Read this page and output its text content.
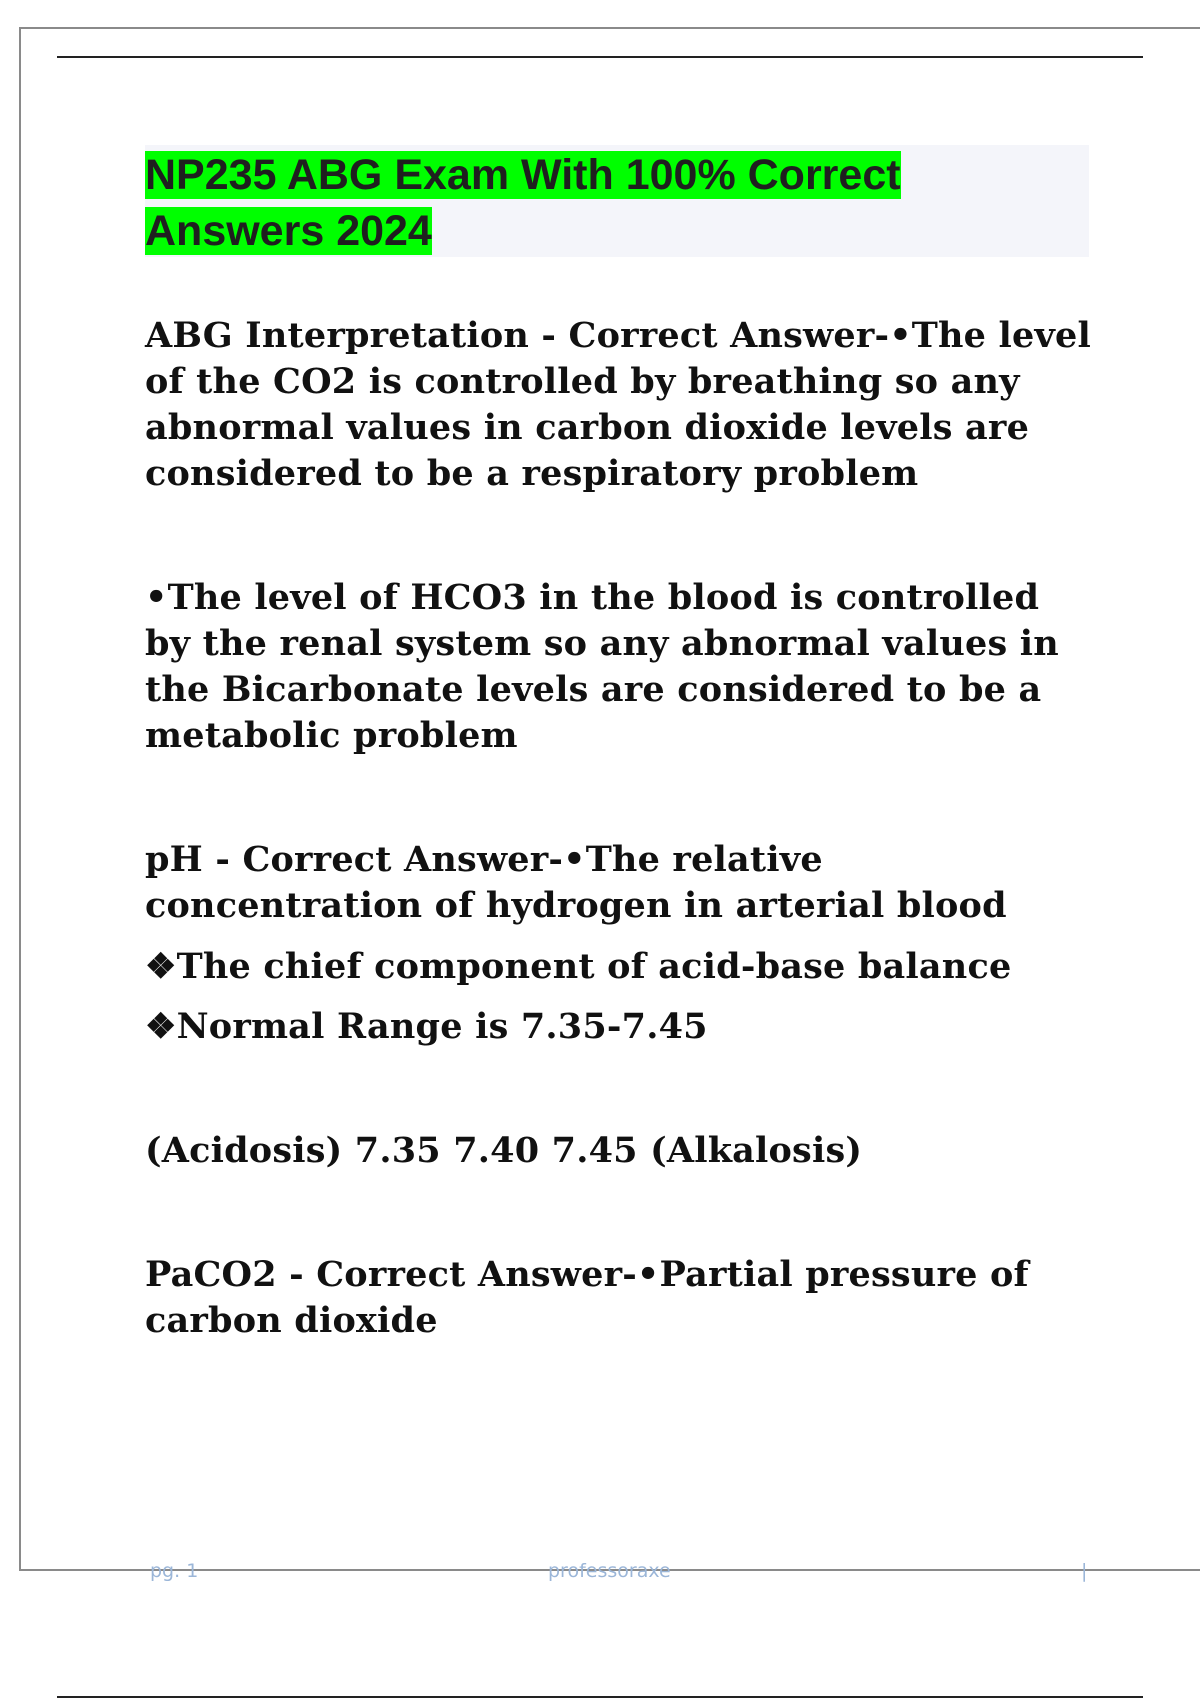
NP235 ABG Exam With 100% Correct Answers 2024

ABG Interpretation - Correct Answer-•The level of the CO2 is controlled by breathing so any abnormal values in carbon dioxide levels are considered to be a respiratory problem

•The level of HCO3 in the blood is controlled by the renal system so any abnormal values in the Bicarbonate levels are considered to be a metabolic problem

pH - Correct Answer-•The relative concentration of hydrogen in arterial blood

❖The chief component of acid-base balance

❖Normal Range is 7.35-7.45

(Acidosis) 7.35 7.40 7.45 (Alkalosis)

PaCO2 - Correct Answer-•Partial pressure of carbon dioxide

pg. 1	professoraxe	|
